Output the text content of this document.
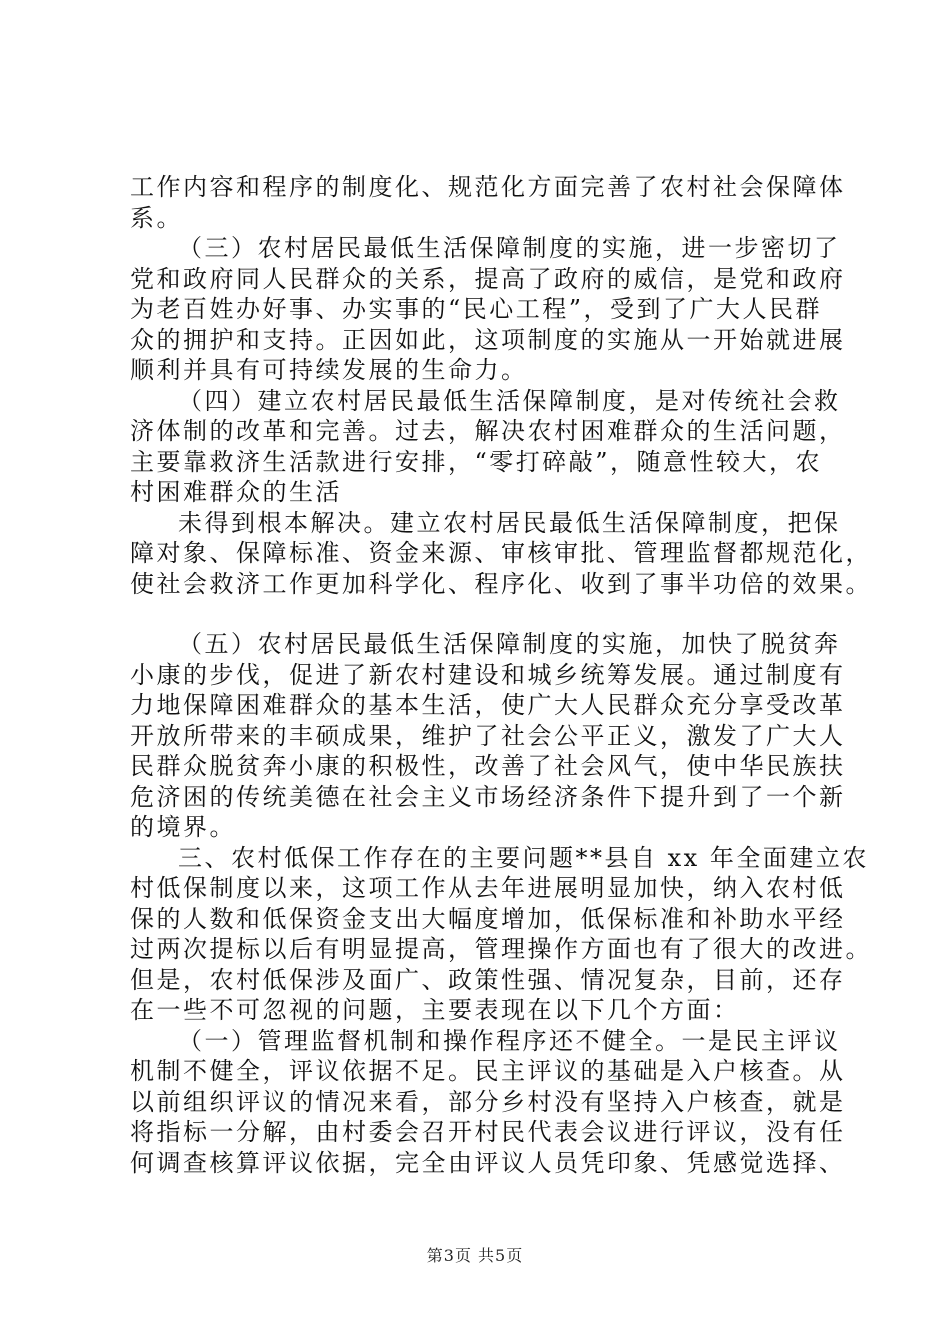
工作内容和程序的制度化、规范化方面完善了农村社会保障体
系。
（三）农村居民最低生活保障制度的实施，进一步密切了
党和政府同人民群众的关系，提高了政府的威信，是党和政府
为老百姓办好事、办实事的“民心工程”，受到了广大人民群
众的拥护和支持。正因如此，这项制度的实施从一开始就进展
顺利并具有可持续发展的生命力。
（四）建立农村居民最低生活保障制度，是对传统社会救
济体制的改革和完善。过去，解决农村困难群众的生活问题，
主要靠救济生活款进行安排，“零打碎敲”，随意性较大，农
村困难群众的生活
未得到根本解决。建立农村居民最低生活保障制度，把保
障对象、保障标准、资金来源、审核审批、管理监督都规范化，
使社会救济工作更加科学化、程序化、收到了事半功倍的效果。
（五）农村居民最低生活保障制度的实施，加快了脱贫奔
小康的步伐，促进了新农村建设和城乡统筹发展。通过制度有
力地保障困难群众的基本生活，使广大人民群众充分享受改革
开放所带来的丰硕成果，维护了社会公平正义，激发了广大人
民群众脱贫奔小康的积极性，改善了社会风气，使中华民族扶
危济困的传统美德在社会主义市场经济条件下提升到了一个新
的境界。
三、农村低保工作存在的主要问题**县自 xx 年全面建立农
村低保制度以来，这项工作从去年进展明显加快，纳入农村低
保的人数和低保资金支出大幅度增加，低保标准和补助水平经
过两次提标以后有明显提高，管理操作方面也有了很大的改进。
但是，农村低保涉及面广、政策性强、情况复杂，目前，还存
在一些不可忽视的问题，主要表现在以下几个方面：
（一）管理监督机制和操作程序还不健全。一是民主评议
机制不健全，评议依据不足。民主评议的基础是入户核查。从
以前组织评议的情况来看，部分乡村没有坚持入户核查，就是
将指标一分解，由村委会召开村民代表会议进行评议，没有任
何调查核算评议依据，完全由评议人员凭印象、凭感觉选择、
第3页 共5页
